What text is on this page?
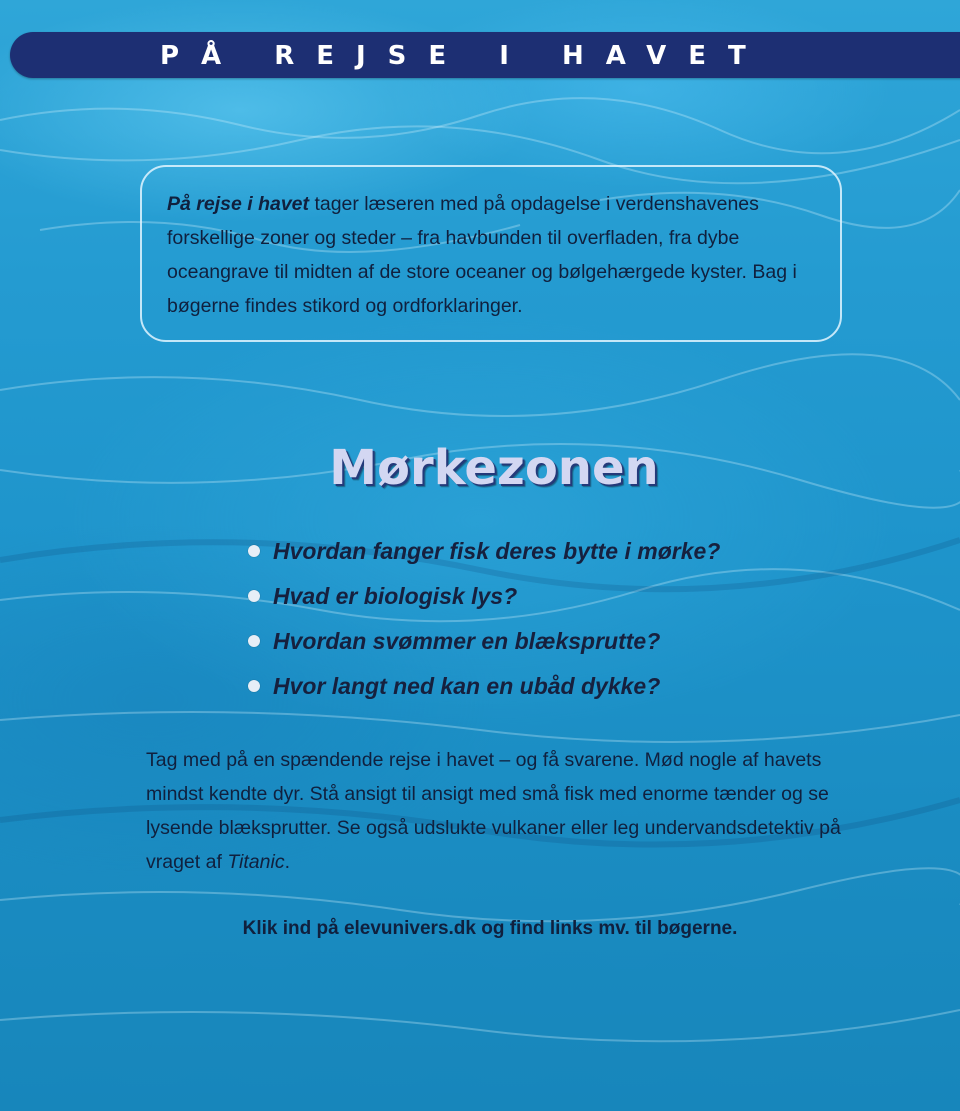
PÅ REJSE I HAVET
På rejse i havet tager læseren med på opdagelse i verdenshavenes forskellige zoner og steder – fra havbunden til overfladen, fra dybe oceangrave til midten af de store oceaner og bølgehærgede kyster. Bag i bøgerne findes stikord og ordforklaringer.
Mørkezonen
Hvordan fanger fisk deres bytte i mørke?
Hvad er biologisk lys?
Hvordan svømmer en blæksprutte?
Hvor langt ned kan en ubåd dykke?
Tag med på en spændende rejse i havet – og få svarene. Mød nogle af havets mindst kendte dyr. Stå ansigt til ansigt med små fisk med enorme tænder og se lysende blæksprutter. Se også udslukte vulkaner eller leg undervandsdetektiv på vraget af Titanic.
Klik ind på elevunivers.dk og find links mv. til bøgerne.
